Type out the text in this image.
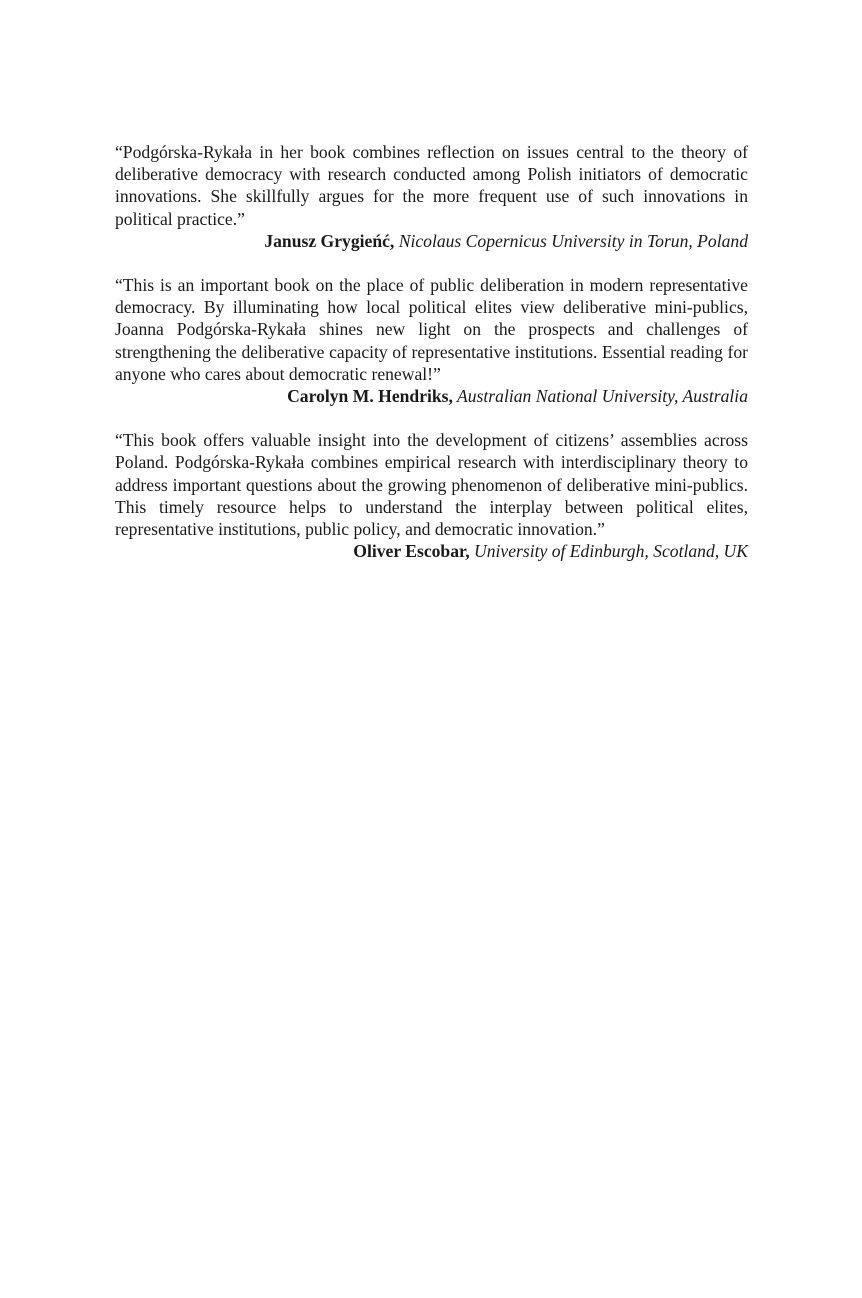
“Podgórska-Rykała in her book combines reflection on issues central to the theory of deliberative democracy with research conducted among Polish initiators of democratic innovations. She skillfully argues for the more frequent use of such innovations in political practice.”

Janusz Grygieńć, Nicolaus Copernicus University in Torun, Poland

“This is an important book on the place of public deliberation in modern representative democracy. By illuminating how local political elites view deliberative mini-publics, Joanna Podgórska-Rykała shines new light on the prospects and challenges of strengthening the deliberative capacity of representative institutions. Essential reading for anyone who cares about democratic renewal!”

Carolyn M. Hendriks, Australian National University, Australia

“This book offers valuable insight into the development of citizens’ assemblies across Poland. Podgórska-Rykała combines empirical research with interdisciplinary theory to address important questions about the growing phenomenon of deliberative mini-publics. This timely resource helps to understand the interplay between political elites, representative institutions, public policy, and democratic innovation.”

Oliver Escobar, University of Edinburgh, Scotland, UK
